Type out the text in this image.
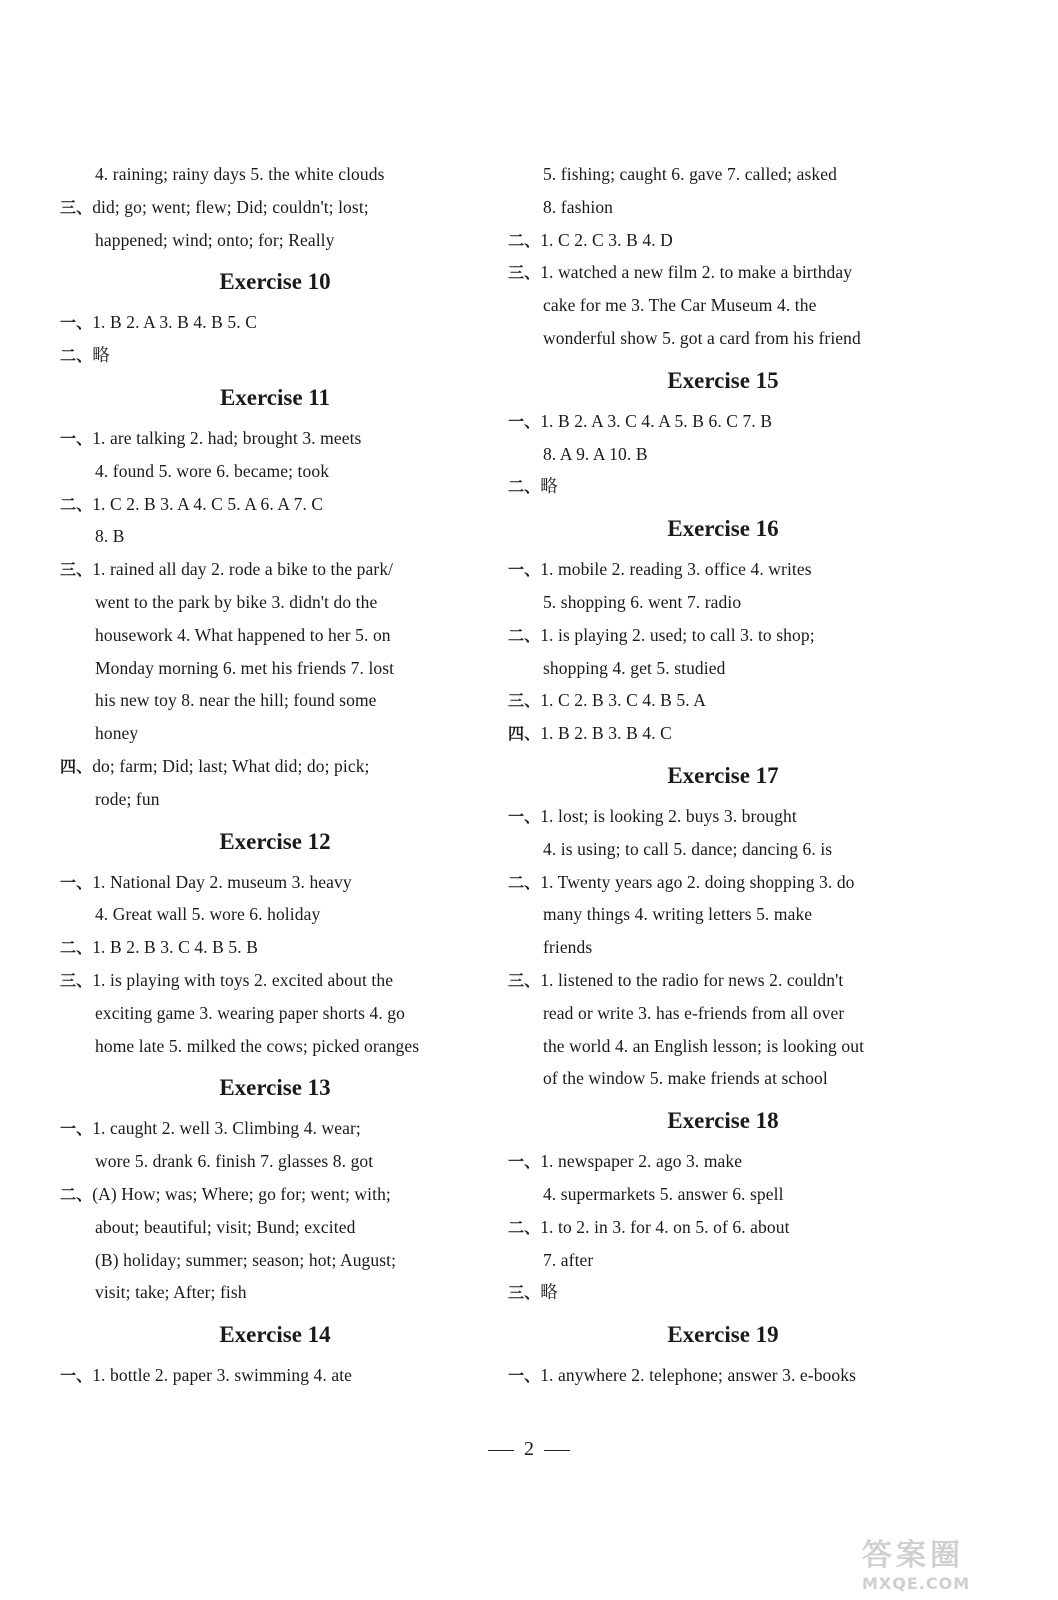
4. raining; rainy days 5. the white clouds
三、did; go; went; flew; Did; couldn't; lost;
happened; wind; onto; for; Really
Exercise 10
一、1. B 2. A 3. B 4. B 5. C
二、略
Exercise 11
一、1. are talking 2. had; brought 3. meets
4. found 5. wore 6. became; took
二、1. C 2. B 3. A 4. C 5. A 6. A 7. C
8. B
三、1. rained all day 2. rode a bike to the park/
went to the park by bike 3. didn't do the
housework 4. What happened to her 5. on
Monday morning 6. met his friends 7. lost
his new toy 8. near the hill; found some
honey
四、do; farm; Did; last; What did; do; pick;
rode; fun
Exercise 12
一、1. National Day 2. museum 3. heavy
4. Great wall 5. wore 6. holiday
二、1. B 2. B 3. C 4. B 5. B
三、1. is playing with toys 2. excited about the
exciting game 3. wearing paper shorts 4. go
home late 5. milked the cows; picked oranges
Exercise 13
一、1. caught 2. well 3. Climbing 4. wear;
wore 5. drank 6. finish 7. glasses 8. got
二、(A) How; was; Where; go for; went; with;
about; beautiful; visit; Bund; excited
(B) holiday; summer; season; hot; August;
visit; take; After; fish
Exercise 14
一、1. bottle 2. paper 3. swimming 4. ate
5. fishing; caught 6. gave 7. called; asked
8. fashion
二、1. C 2. C 3. B 4. D
三、1. watched a new film 2. to make a birthday
cake for me 3. The Car Museum 4. the
wonderful show 5. got a card from his friend
Exercise 15
一、1. B 2. A 3. C 4. A 5. B 6. C 7. B
8. A 9. A 10. B
二、略
Exercise 16
一、1. mobile 2. reading 3. office 4. writes
5. shopping 6. went 7. radio
二、1. is playing 2. used; to call 3. to shop;
shopping 4. get 5. studied
三、1. C 2. B 3. C 4. B 5. A
四、1. B 2. B 3. B 4. C
Exercise 17
一、1. lost; is looking 2. buys 3. brought
4. is using; to call 5. dance; dancing 6. is
二、1. Twenty years ago 2. doing shopping 3. do
many things 4. writing letters 5. make
friends
三、1. listened to the radio for news 2. couldn't
read or write 3. has e-friends from all over
the world 4. an English lesson; is looking out
of the window 5. make friends at school
Exercise 18
一、1. newspaper 2. ago 3. make
4. supermarkets 5. answer 6. spell
二、1. to 2. in 3. for 4. on 5. of 6. about
7. after
三、略
Exercise 19
一、1. anywhere 2. telephone; answer 3. e-books
2
答案圈
MXQE.COM
